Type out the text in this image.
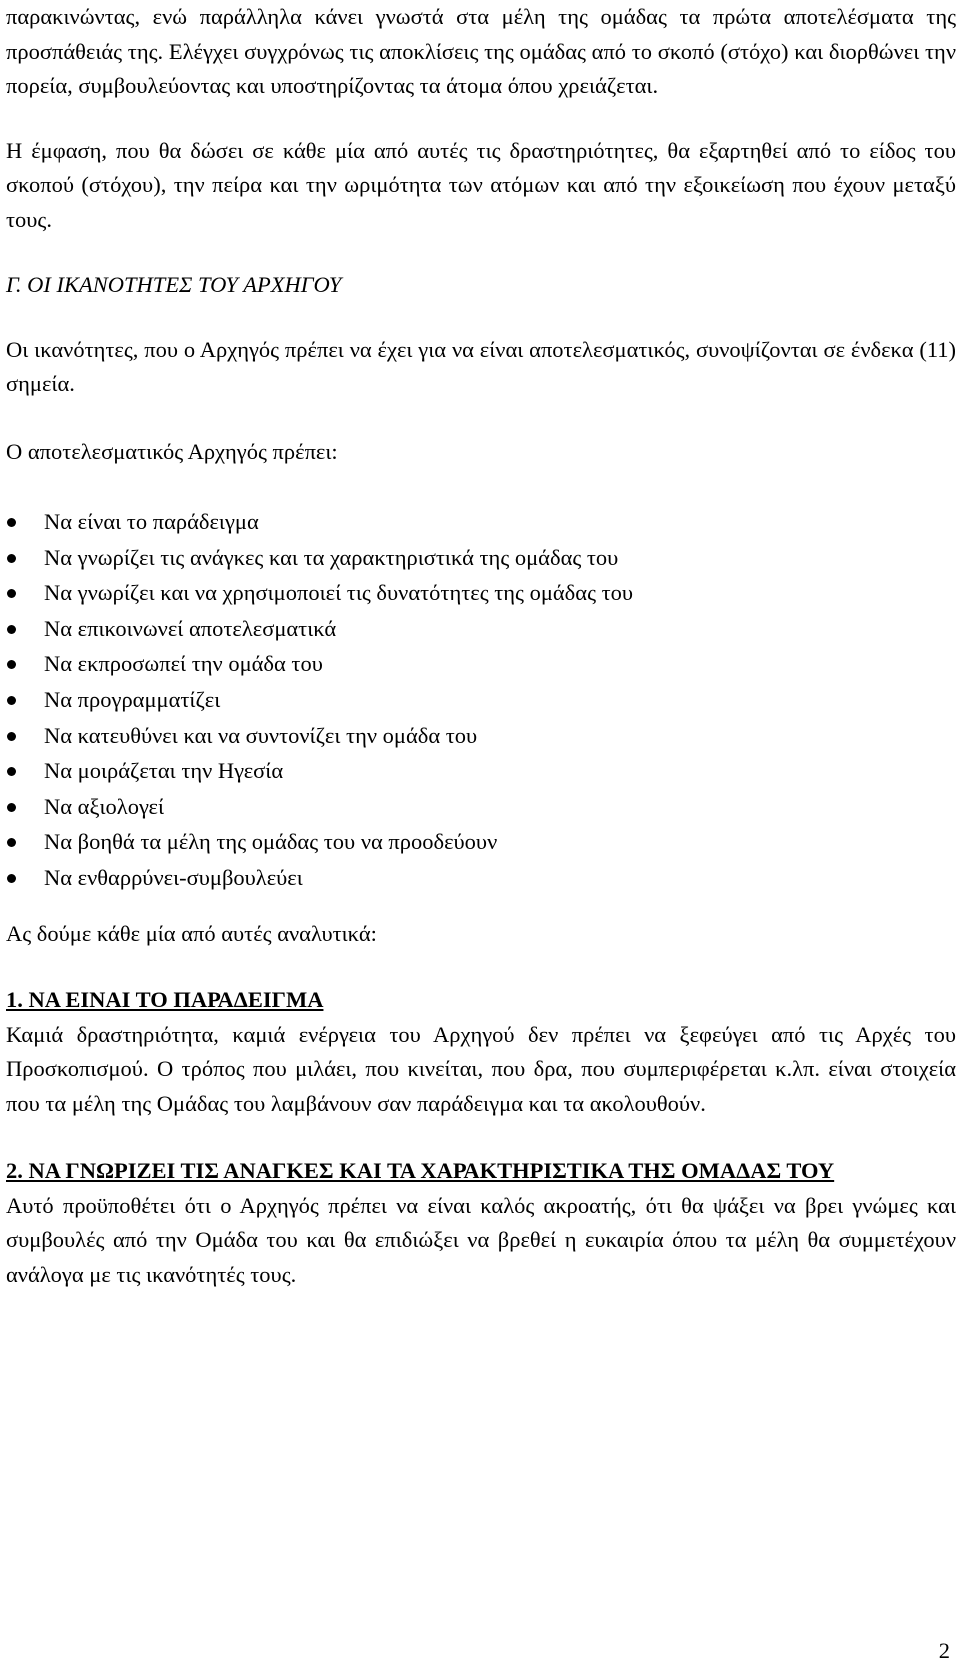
παρακινώντας, ενώ παράλληλα κάνει γνωστά στα μέλη της ομάδας τα πρώτα αποτελέσματα της προσπάθειάς της. Ελέγχει συγχρόνως τις αποκλίσεις της ομάδας από το σκοπό (στόχο) και διορθώνει την πορεία, συμβουλεύοντας και υποστηρίζοντας τα άτομα όπου χρειάζεται.

Η έμφαση, που θα δώσει σε κάθε μία από αυτές τις δραστηριότητες, θα εξαρτηθεί από το είδος του σκοπού (στόχου), την πείρα και την ωριμότητα των ατόμων και από την εξοικείωση που έχουν μεταξύ τους.

Γ. ΟΙ ΙΚΑΝΟΤΗΤΕΣ ΤΟΥ ΑΡΧΗΓΟΥ

Οι ικανότητες, που ο Αρχηγός πρέπει να έχει για να είναι αποτελεσματικός, συνοψίζονται σε ένδεκα (11) σημεία.

Ο αποτελεσματικός Αρχηγός πρέπει:

Να είναι το παράδειγμα
Να γνωρίζει τις ανάγκες και τα χαρακτηριστικά της ομάδας του
Να γνωρίζει και να χρησιμοποιεί τις δυνατότητες της ομάδας του
Να επικοινωνεί αποτελεσματικά
Να εκπροσωπεί την ομάδα του
Να προγραμματίζει
Να κατευθύνει και να συντονίζει την ομάδα του
Να μοιράζεται την Ηγεσία
Να αξιολογεί
Να βοηθά τα μέλη της ομάδας του να προοδεύουν
Να ενθαρρύνει-συμβουλεύει

Ας δούμε κάθε μία από αυτές αναλυτικά:

1. ΝΑ ΕΙΝΑΙ ΤΟ ΠΑΡΑΔΕΙΓΜΑ

Καμιά δραστηριότητα, καμιά ενέργεια του Αρχηγού δεν πρέπει να ξεφεύγει από τις Αρχές του Προσκοπισμού. Ο τρόπος που μιλάει, που κινείται, που δρα, που συμπεριφέρεται κ.λπ. είναι στοιχεία που τα μέλη της Ομάδας του λαμβάνουν σαν παράδειγμα και τα ακολουθούν.

2. ΝΑ ΓΝΩΡΙΖΕΙ ΤΙΣ ΑΝΑΓΚΕΣ ΚΑΙ ΤΑ ΧΑΡΑΚΤΗΡΙΣΤΙΚΑ ΤΗΣ ΟΜΑΔΑΣ ΤΟΥ

Αυτό προϋποθέτει ότι ο Αρχηγός πρέπει να είναι καλός ακροατής, ότι θα ψάξει να βρει γνώμες και συμβουλές από την Ομάδα του και θα επιδιώξει να βρεθεί η ευκαιρία όπου τα μέλη θα συμμετέχουν ανάλογα με τις ικανότητές τους.

2
